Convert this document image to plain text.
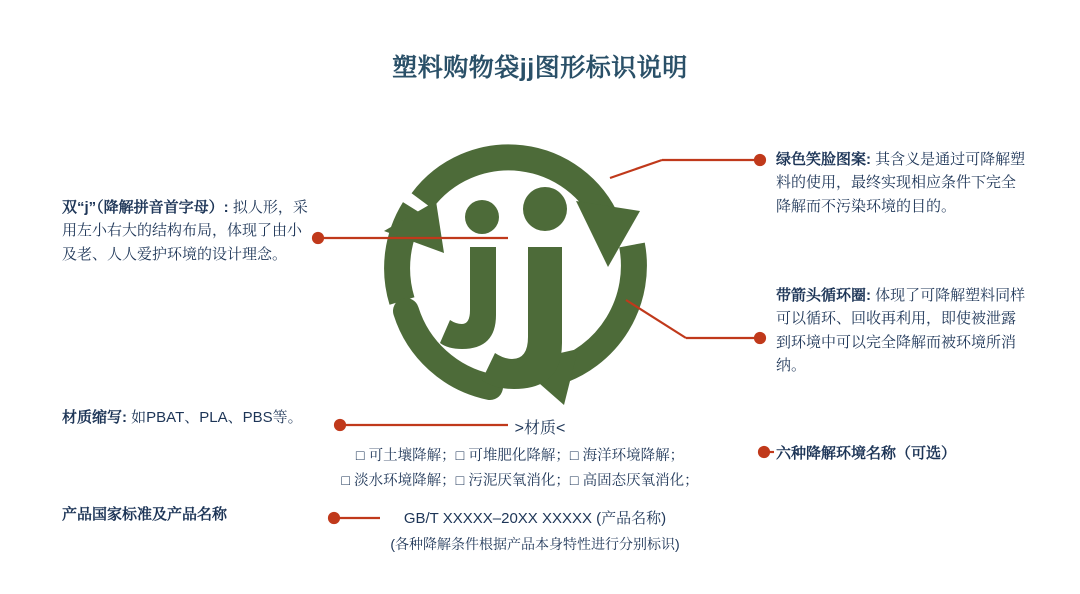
塑料购物袋jj图形标识说明
双“j”（降解拼音首字母）: 拟人形，采用左小右大的结构布局，体现了由小及老、人人爱护环境的设计理念。
绿色笑脸图案: 其含义是通过可降解塑料的使用，最终实现相应条件下完全降解而不污染环境的目的。
带箭头循环圈: 体现了可降解塑料同样可以循环、回收再利用，即使被泄露到环境中可以完全降解而被环境所消纳。
材质缩写: 如PBAT、PLA、PBS等。
六种降解环境名称（可选）
产品国家标准及产品名称
>材质<
□ 可土壤降解；□ 可堆肥化降解；□ 海洋环境降解；
□ 淡水环境降解；□ 污泥厌氧消化；□ 高固态厌氧消化；
GB/T XXXXX–20XX XXXXX (产品名称)
(各种降解条件根据产品本身特性进行分别标识)
